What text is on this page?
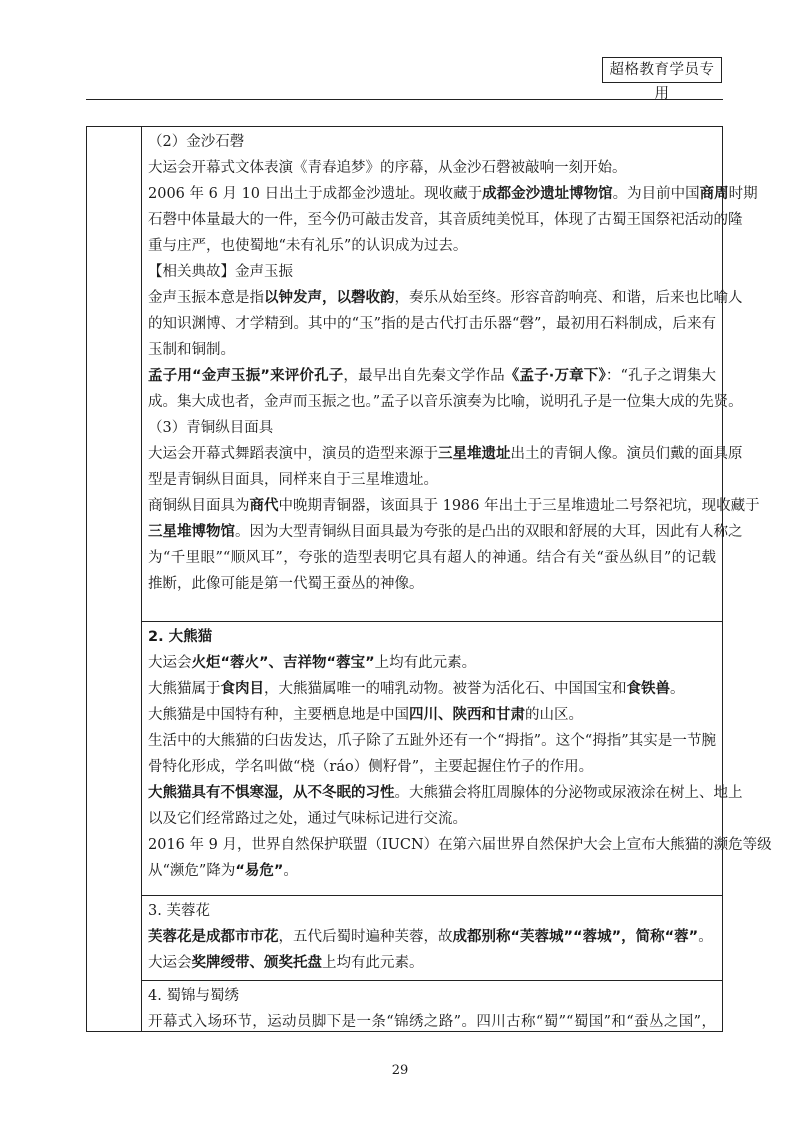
超格教育学员专用

（2）金沙石磬

大运会开幕式文体表演《青春追梦》的序幕，从金沙石磬被敲响一刻开始。

2006 年 6 月 10 日出土于成都金沙遗址。现收藏于成都金沙遗址博物馆。为目前中国商周时期

石磬中体量最大的一件，至今仍可敲击发音，其音质纯美悦耳，体现了古蜀王国祭祀活动的隆

重与庄严，也使蜀地“未有礼乐”的认识成为过去。

【相关典故】金声玉振

金声玉振本意是指以钟发声，以磬收韵，奏乐从始至终。形容音韵响亮、和谐，后来也比喻人

的知识渊博、才学精到。其中的“玉”指的是古代打击乐器“磬”，最初用石料制成，后来有

玉制和铜制。

孟子用“金声玉振”来评价孔子，最早出自先秦文学作品《孟子·万章下》：“孔子之谓集大

成。集大成也者，金声而玉振之也。”孟子以音乐演奏为比喻，说明孔子是一位集大成的先贤。

（3）青铜纵目面具

大运会开幕式舞蹈表演中，演员的造型来源于三星堆遗址出土的青铜人像。演员们戴的面具原

型是青铜纵目面具，同样来自于三星堆遗址。

商铜纵目面具为商代中晚期青铜器，该面具于 1986 年出土于三星堆遗址二号祭祀坑，现收藏于

三星堆博物馆。因为大型青铜纵目面具最为夸张的是凸出的双眼和舒展的大耳，因此有人称之

为“千里眼”“顺风耳”，夸张的造型表明它具有超人的神通。结合有关“蚕丛纵目”的记载

推断，此像可能是第一代蜀王蚕丛的神像。

2. 大熊猫

大运会火炬“蓉火”、吉祥物“蓉宝”上均有此元素。

大熊猫属于食肉目，大熊猫属唯一的哺乳动物。被誉为活化石、中国国宝和食铁兽。

大熊猫是中国特有种，主要栖息地是中国四川、陕西和甘肃的山区。

生活中的大熊猫的臼齿发达，爪子除了五趾外还有一个“拇指”。这个“拇指”其实是一节腕

骨特化形成，学名叫做“桡（ráo）侧籽骨”，主要起握住竹子的作用。

大熊猫具有不惧寒湿，从不冬眠的习性。大熊猫会将肛周腺体的分泌物或尿液涂在树上、地上

以及它们经常路过之处，通过气味标记进行交流。

2016 年 9 月，世界自然保护联盟（IUCN）在第六届世界自然保护大会上宣布大熊猫的濒危等级

从“濒危”降为“易危”。

3. 芙蓉花

芙蓉花是成都市市花，五代后蜀时遍种芙蓉，故成都别称“芙蓉城”“蓉城”，简称“蓉”。

大运会奖牌绶带、颁奖托盘上均有此元素。

4. 蜀锦与蜀绣

开幕式入场环节，运动员脚下是一条“锦绣之路”。四川古称“蜀”“蜀国”和“蚕丛之国”，

29
